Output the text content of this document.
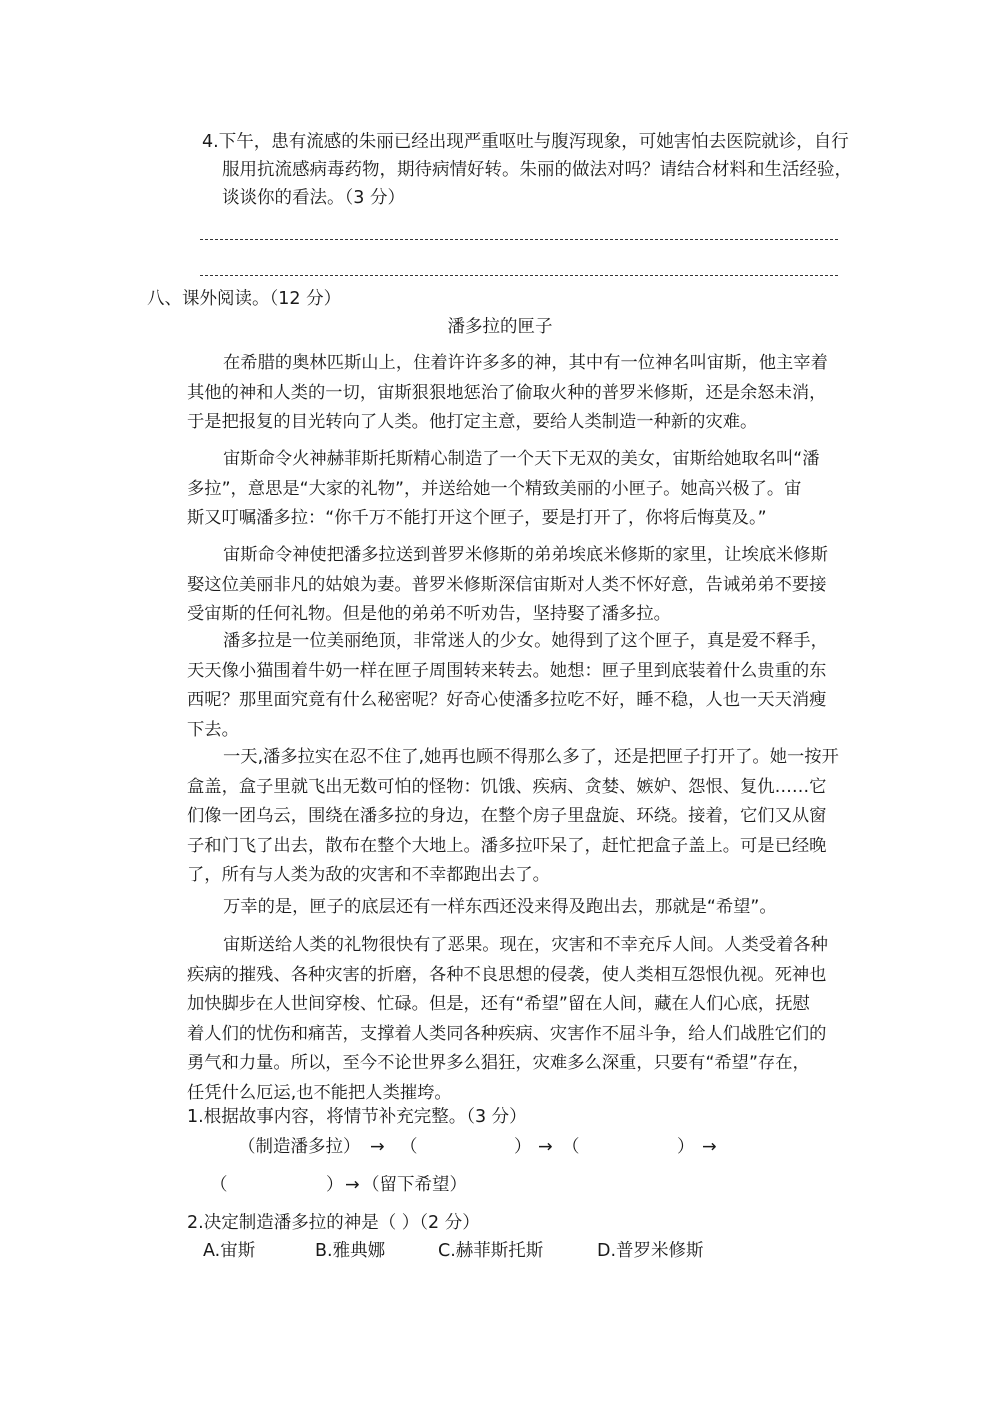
4.下午，患有流感的朱丽已经出现严重呕吐与腹泻现象，可她害怕去医院就诊，自行
服用抗流感病毒药物，期待病情好转。朱丽的做法对吗？请结合材料和生活经验，
谈谈你的看法。（3 分）
八、课外阅读。（12 分）
潘多拉的匣子
在希腊的奥林匹斯山上，住着许许多多的神，其中有一位神名叫宙斯，他主宰着
其他的神和人类的一切，宙斯狠狠地惩治了偷取火种的普罗米修斯，还是余怒未消，
于是把报复的目光转向了人类。他打定主意，要给人类制造一种新的灾难。
宙斯命令火神赫菲斯托斯精心制造了一个天下无双的美女，宙斯给她取名叫“潘
多拉”，意思是“大家的礼物”，并送给她一个精致美丽的小匣子。她高兴极了。宙
斯又叮嘱潘多拉：“你千万不能打开这个匣子，要是打开了，你将后悔莫及。”
宙斯命令神使把潘多拉送到普罗米修斯的弟弟埃底米修斯的家里，让埃底米修斯
娶这位美丽非凡的姑娘为妻。普罗米修斯深信宙斯对人类不怀好意，告诫弟弟不要接
受宙斯的任何礼物。但是他的弟弟不听劝告，坚持娶了潘多拉。
潘多拉是一位美丽绝顶，非常迷人的少女。她得到了这个匣子，真是爱不释手，
天天像小猫围着牛奶一样在匣子周围转来转去。她想：匣子里到底装着什么贵重的东
西呢？那里面究竟有什么秘密呢？好奇心使潘多拉吃不好，睡不稳，人也一天天消瘦
下去。
一天,潘多拉实在忍不住了,她再也顾不得那么多了，还是把匣子打开了。她一按开
盒盖，盒子里就飞出无数可怕的怪物：饥饿、疾病、贪婪、嫉妒、怨恨、复仇……它
们像一团乌云，围绕在潘多拉的身边，在整个房子里盘旋、环绕。接着，它们又从窗
子和门飞了出去，散布在整个大地上。潘多拉吓呆了，赶忙把盒子盖上。可是已经晚
了，所有与人类为敌的灾害和不幸都跑出去了。
万幸的是，匣子的底层还有一样东西还没来得及跑出去，那就是“希望”。
宙斯送给人类的礼物很快有了恶果。现在，灾害和不幸充斥人间。人类受着各种
疾病的摧残、各种灾害的折磨，各种不良思想的侵袭，使人类相互怨恨仇视。死神也
加快脚步在人世间穿梭、忙碌。但是，还有“希望”留在人间，藏在人们心底，抚慰
着人们的忧伤和痛苦，支撑着人类同各种疾病、灾害作不屈斗争，给人们战胜它们的
勇气和力量。所以，至今不论世界多么猖狂，灾难多么深重，只要有“希望”存在，
任凭什么厄运,也不能把人类摧垮。
1.根据故事内容，将情节补充完整。（3 分）
（制造潘多拉） → （	） → （	） →
（	） → （留下希望）
2.决定制造潘多拉的神是（ ）（2 分）
A.宙斯	B.雅典娜	C.赫菲斯托斯	D.普罗米修斯
